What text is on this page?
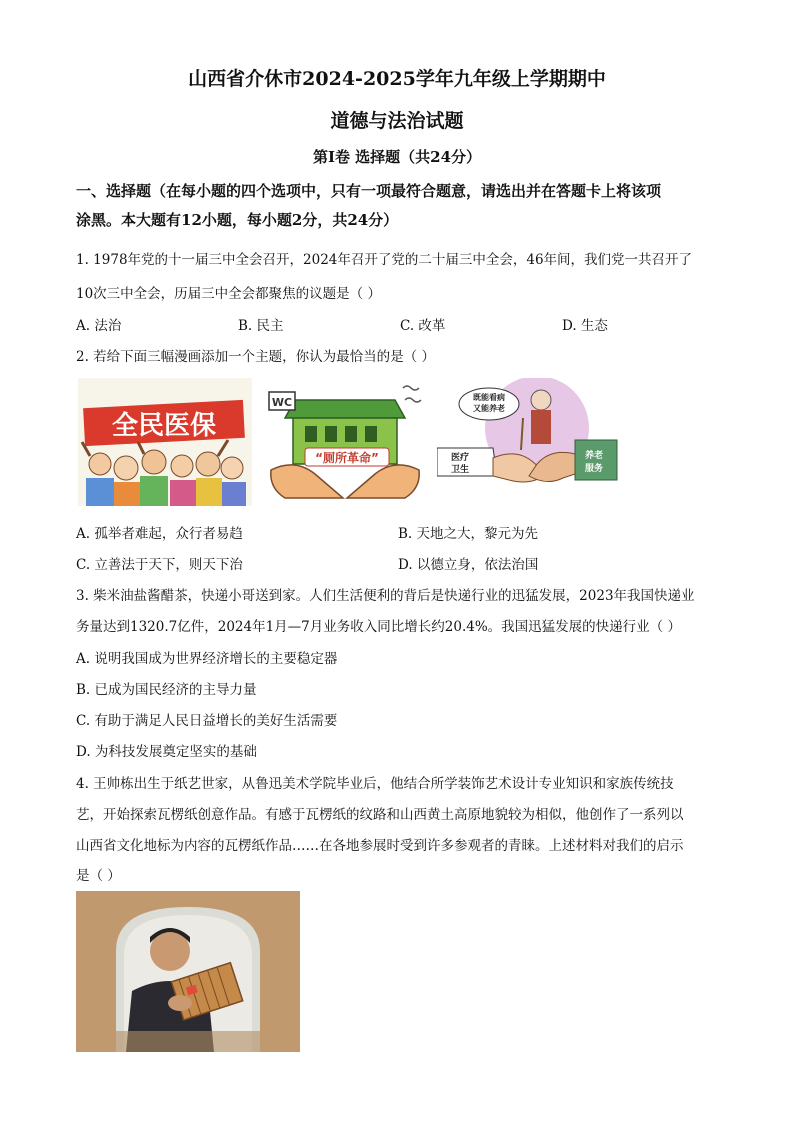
山西省介休市2024-2025学年九年级上学期期中
道德与法治试题
第Ⅰ卷 选择题（共24分）
一、选择题（在每小题的四个选项中，只有一项最符合题意，请选出并在答题卡上将该项
涂黑。本大题有12小题，每小题2分，共24分）
1. 1978年党的十一届三中全会召开，2024年召开了党的二十届三中全会，46年间，我们党一共召开了
10次三中全会，历届三中全会都聚焦的议题是（ ）
A. 法治	B. 民主	C. 改革	D. 生态
2. 若给下面三幅漫画添加一个主题，你认为最恰当的是（ ）
全民医保
WC
“厕所革命”
既能看病
又能养老
医疗
卫生
养老
服务
A. 孤举者难起，众行者易趋	B. 天地之大，黎元为先
C. 立善法于天下，则天下治	D. 以德立身，依法治国
3. 柴米油盐酱醋茶，快递小哥送到家。人们生活便利的背后是快递行业的迅猛发展，2023年我国快递业
务量达到1320.7亿件，2024年1月—7月业务收入同比增长约20.4%。我国迅猛发展的快递行业（ ）
A. 说明我国成为世界经济增长的主要稳定器
B. 已成为国民经济的主导力量
C. 有助于满足人民日益增长的美好生活需要
D. 为科技发展奠定坚实的基础
4. 王帅栋出生于纸艺世家，从鲁迅美术学院毕业后，他结合所学装饰艺术设计专业知识和家族传统技
艺，开始探索瓦楞纸创意作品。有感于瓦楞纸的纹路和山西黄土高原地貌较为相似，他创作了一系列以
山西省文化地标为内容的瓦楞纸作品……在各地参展时受到许多参观者的青睐。上述材料对我们的启示
是（ ）
